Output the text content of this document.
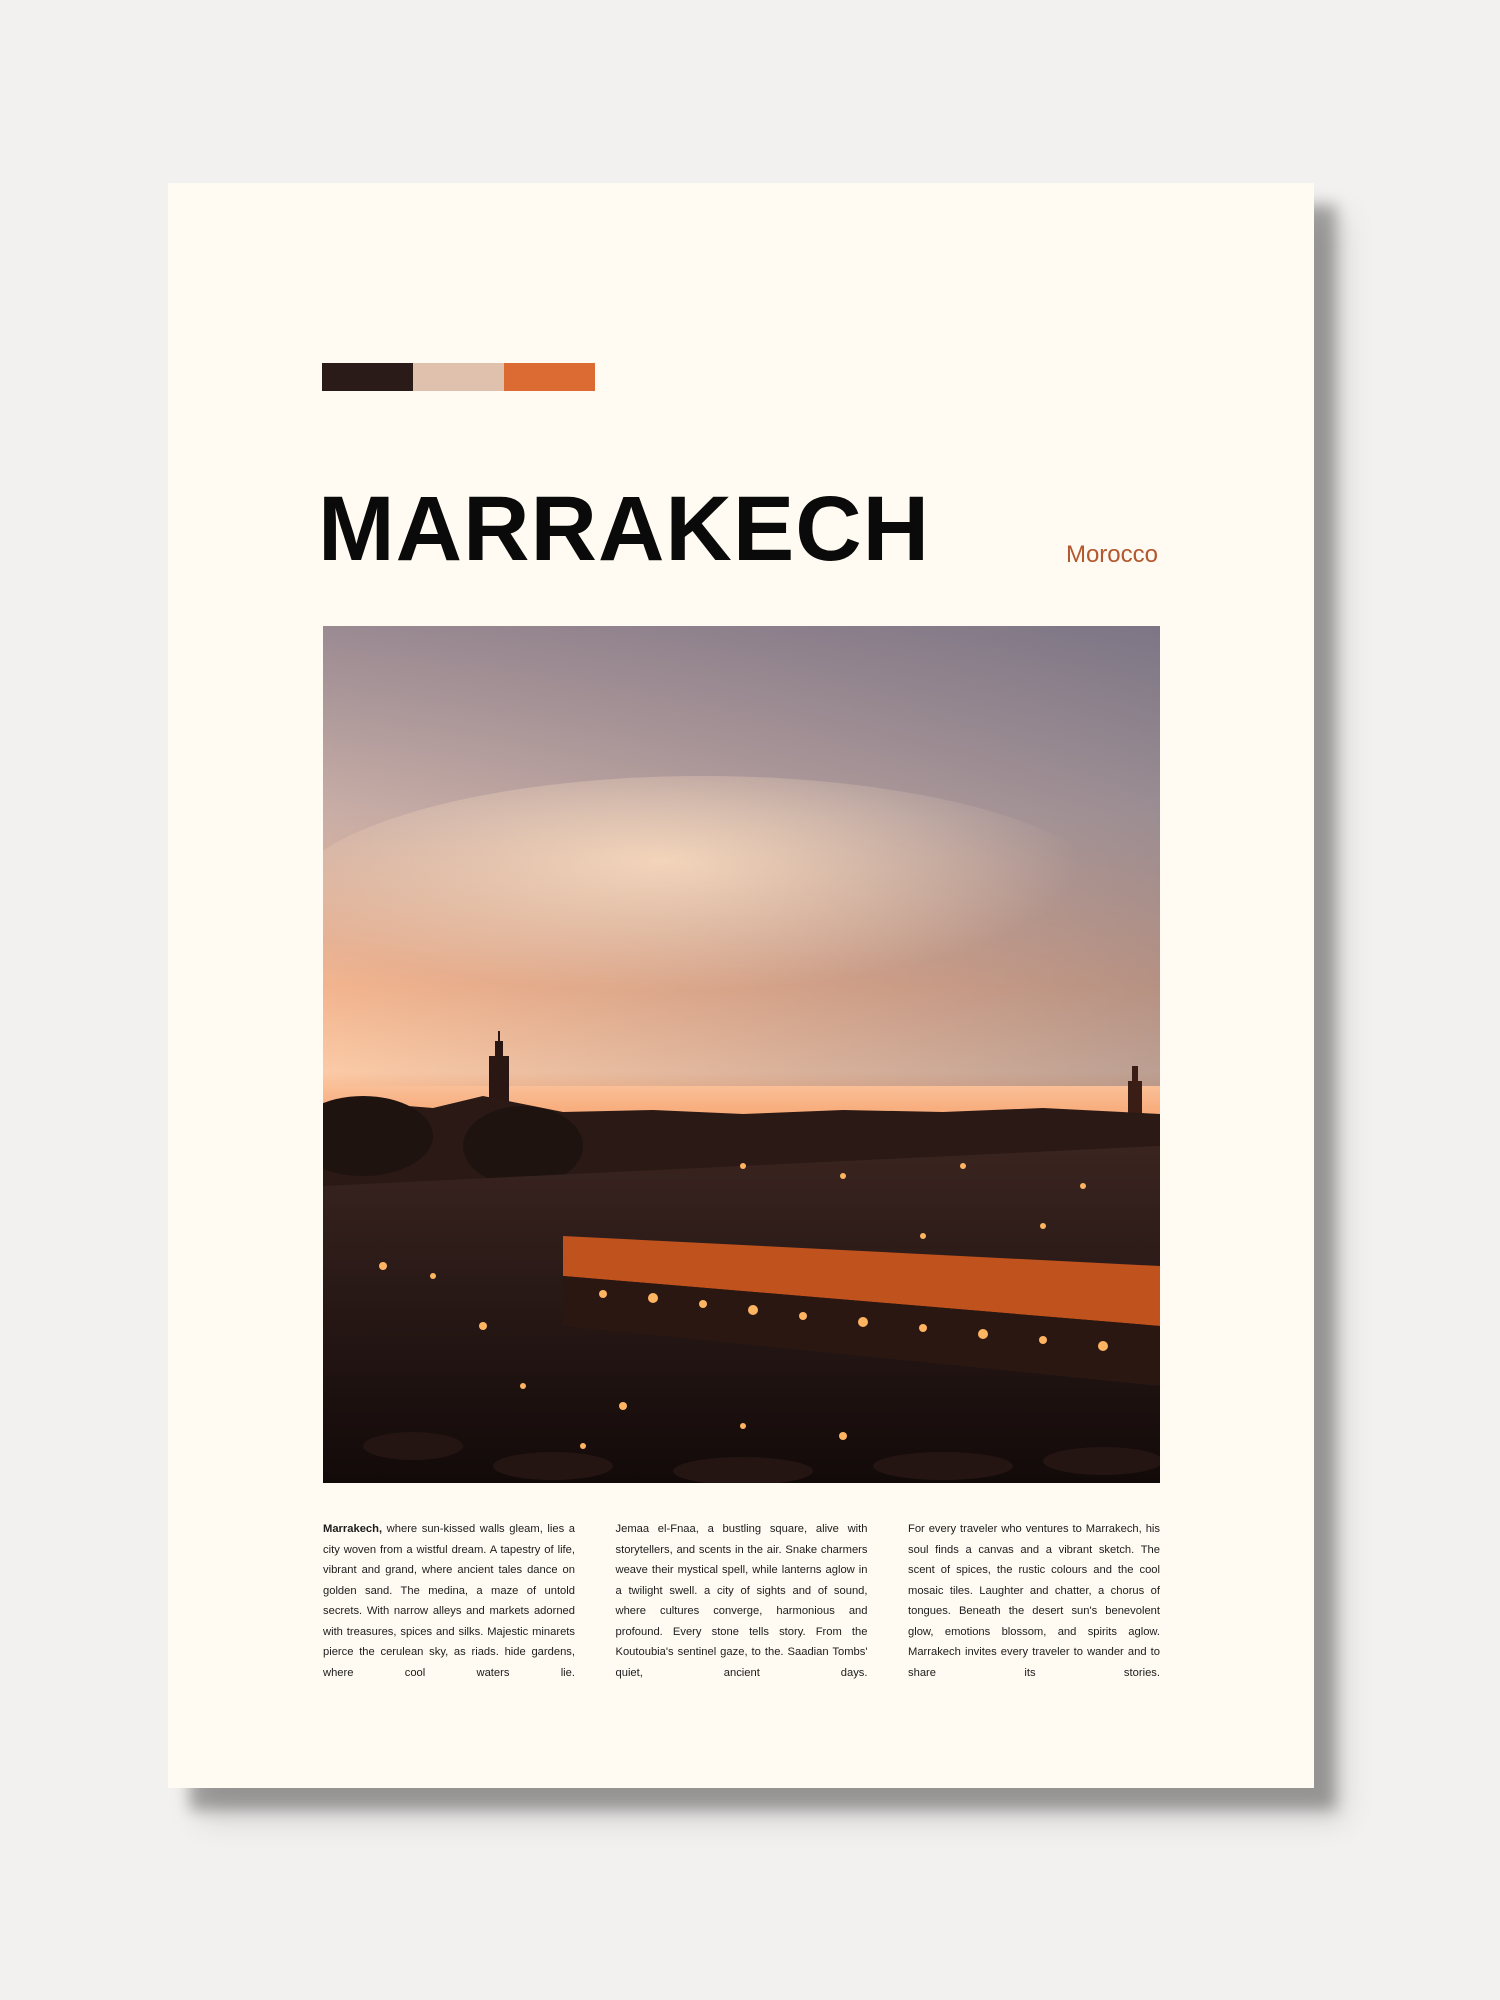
MARRAKECH	Morocco

Marrakech, where sun-kissed walls gleam, lies a city woven from a wistful dream. A tapestry of life, vibrant and grand, where ancient tales dance on golden sand. The medina, a maze of untold secrets. With narrow alleys and markets adorned with treasures, spices and silks. Majestic minarets pierce the cerulean sky, as riads. hide gardens, where cool waters lie.

Jemaa el-Fnaa, a bustling square, alive with storytellers, and scents in the air. Snake charmers weave their mystical spell, while lanterns aglow in a twilight swell. a city of sights and of sound, where cultures converge, harmonious and profound. Every stone tells story. From the Koutoubia's sentinel gaze, to the. Saadian Tombs' quiet, ancient days.

For every traveler who ventures to Marrakech, his soul finds a canvas and a vibrant sketch. The scent of spices, the rustic colours and the cool mosaic tiles. Laughter and chatter, a chorus of tongues. Beneath the desert sun's benevolent glow, emotions blossom, and spirits aglow. Marrakech invites every traveler to wander and to share its stories.
